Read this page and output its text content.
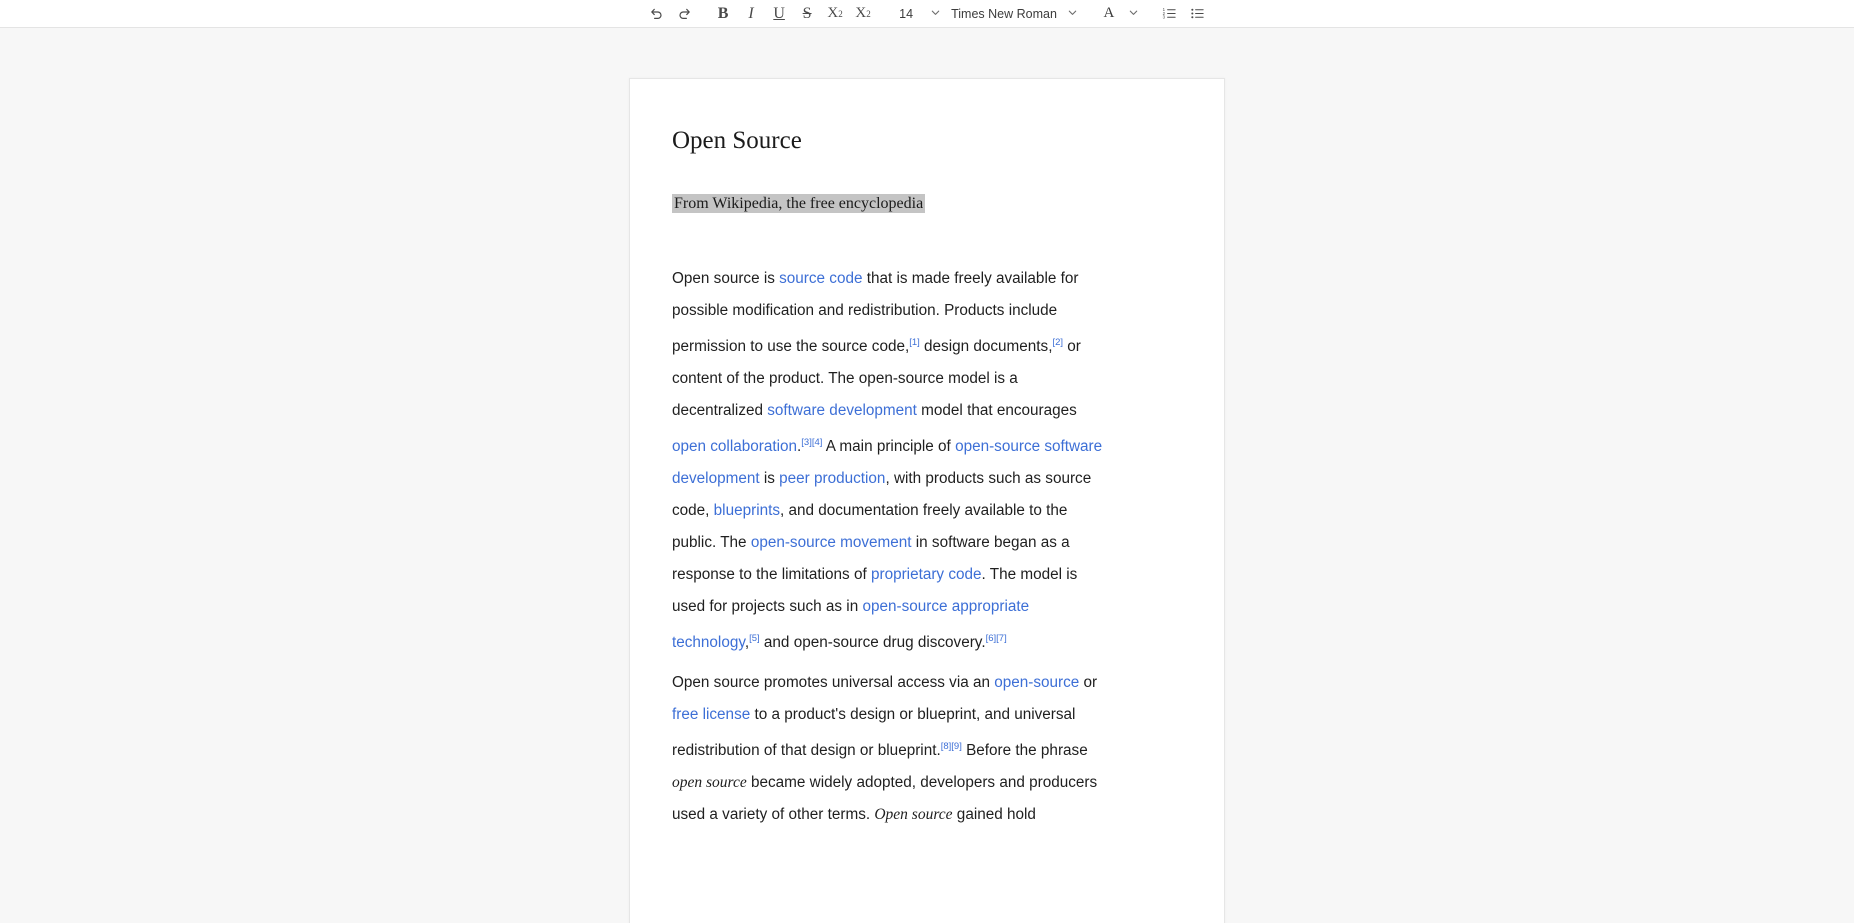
B	I	U	S	X 2 X 2	14	Times New Roman	A	1
2
3
Open Source
From Wikipedia, the free encyclopedia

Open source is source code that is made freely available for possible modification and redistribution. Products include permission to use the source code,[1] design documents,[2] or content of the product. The open-source model is a decentralized software development model that encourages open collaboration.[3][4] A main principle of open-source software development is peer production, with products such as source code, blueprints, and documentation freely available to the public. The open-source movement in software began as a response to the limitations of proprietary code. The model is used for projects such as in open-source appropriate technology,[5] and open-source drug discovery.[6][7]

Open source promotes universal access via an open-source or free license to a product's design or blueprint, and universal redistribution of that design or blueprint.[8][9] Before the phrase open source became widely adopted, developers and producers used a variety of other terms. Open source gained hold
